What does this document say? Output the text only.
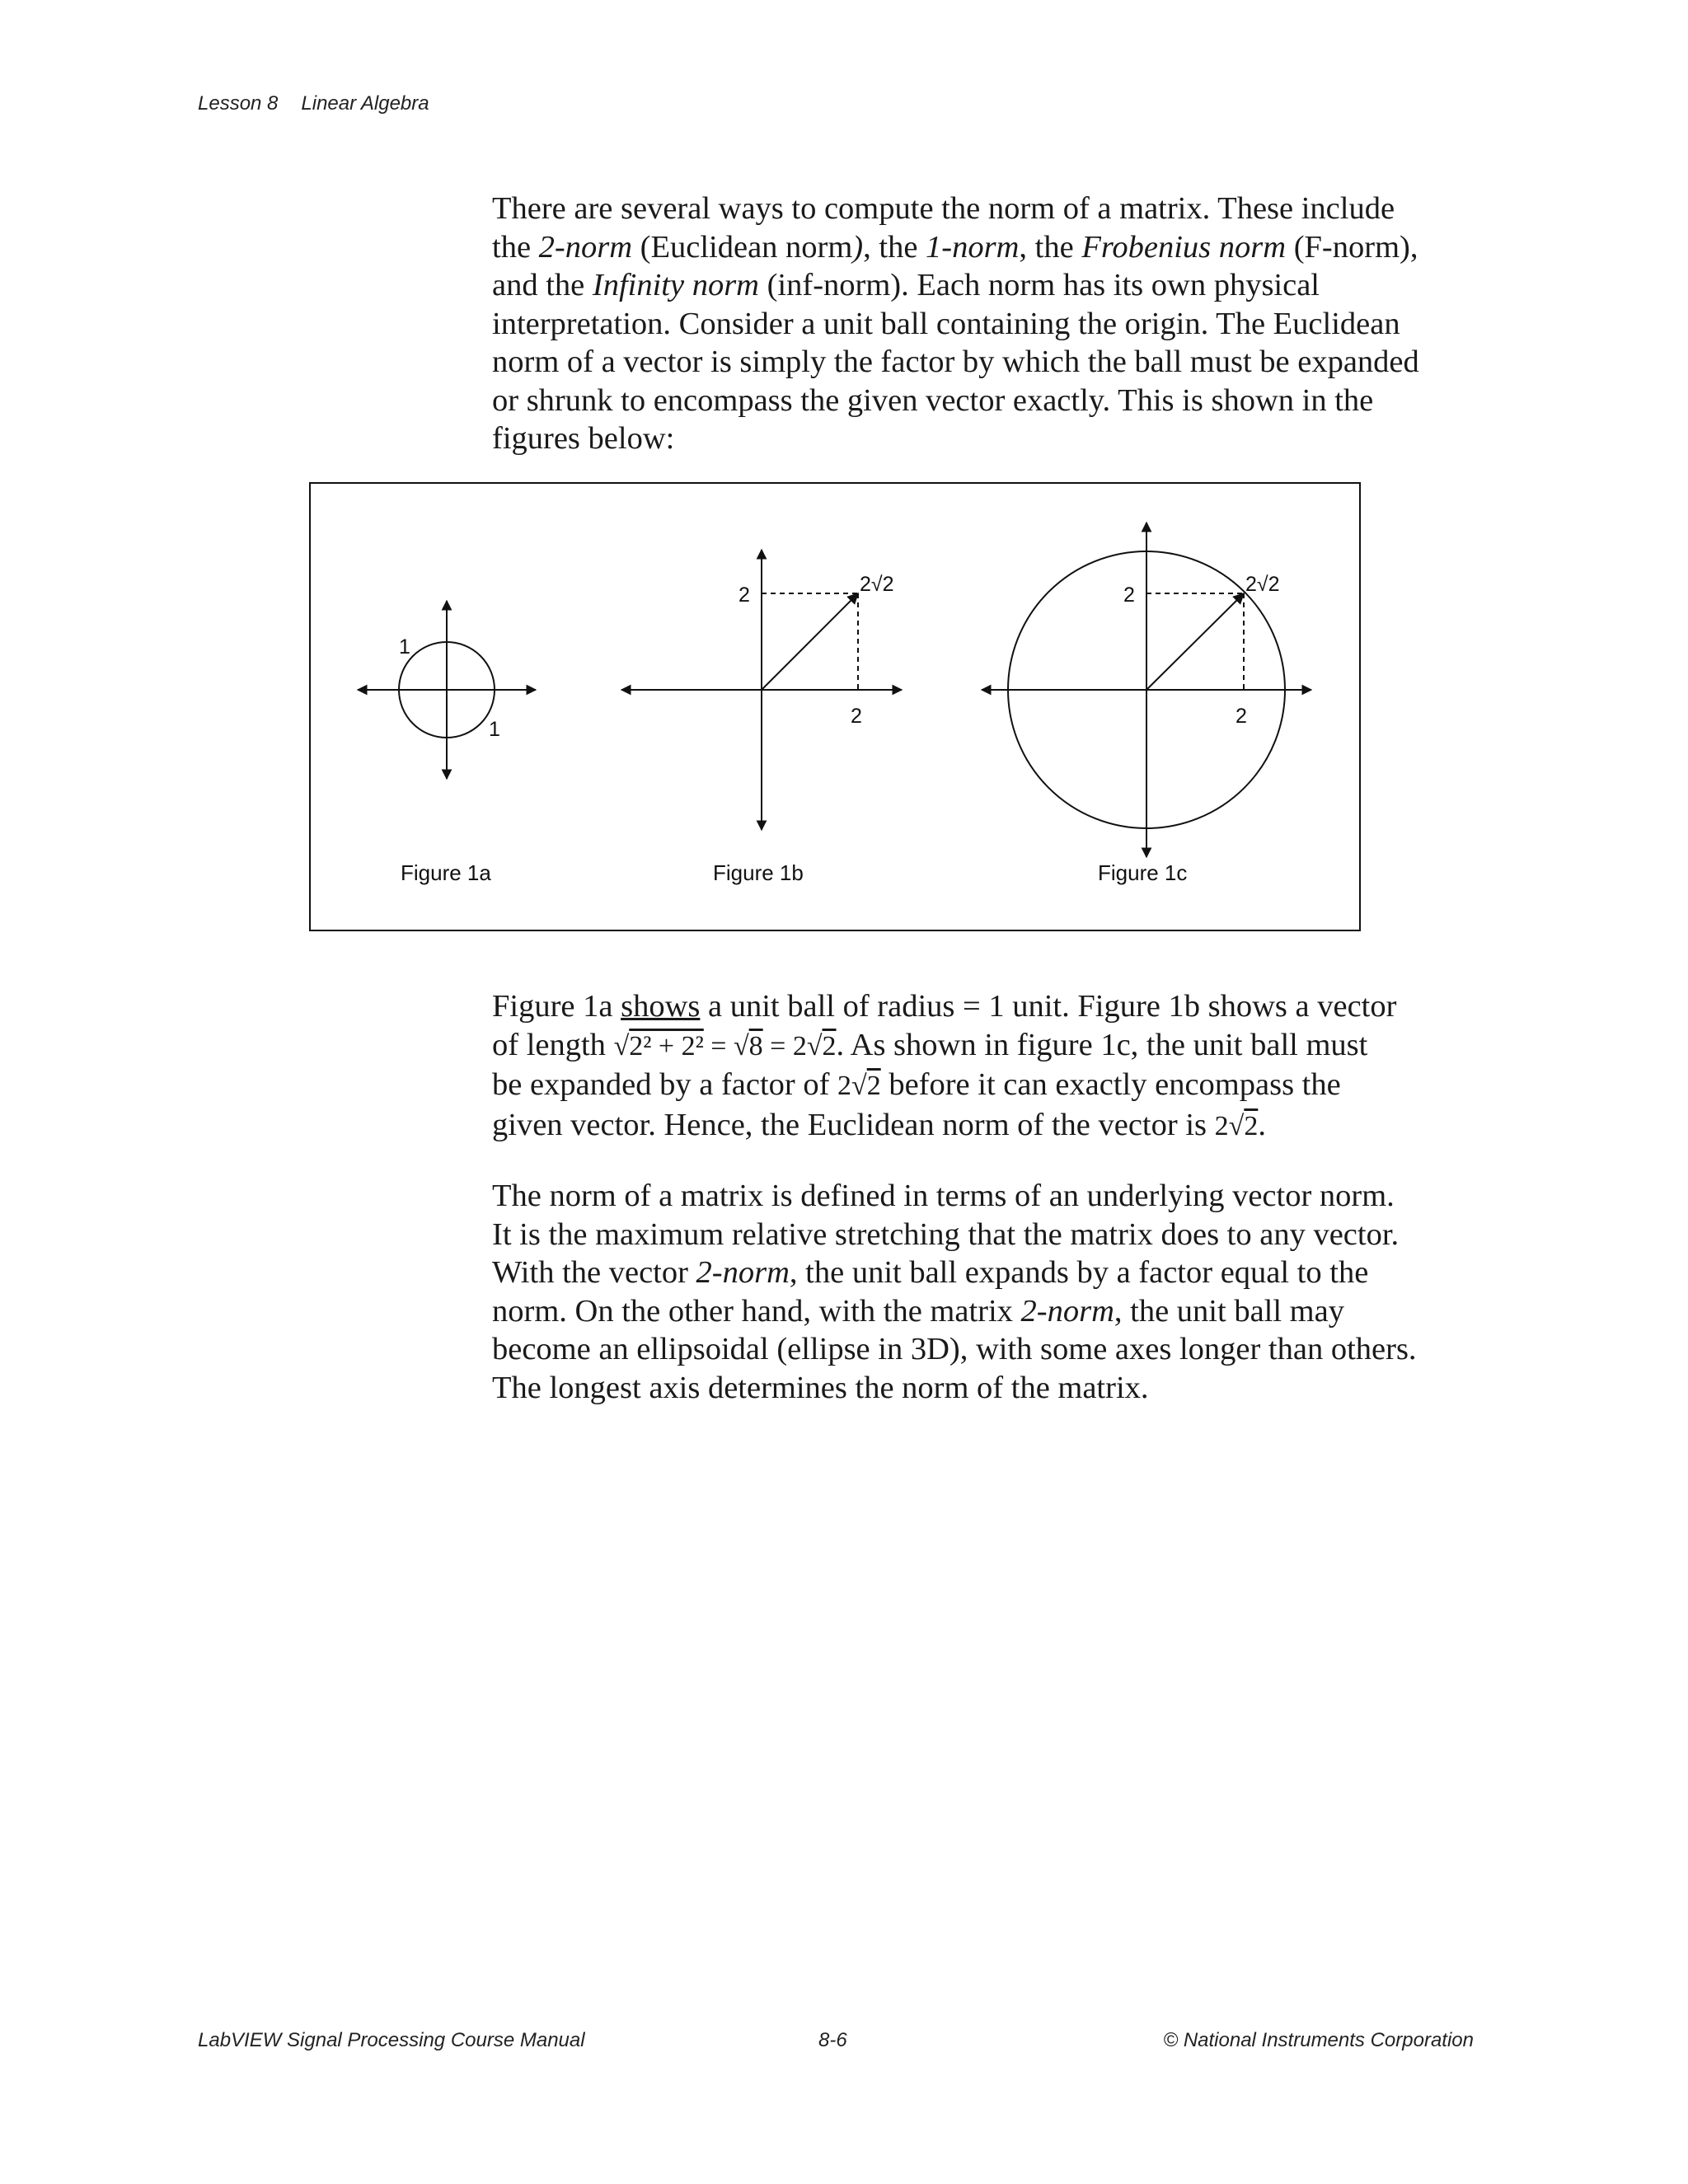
Lesson 8 Linear Algebra

There are several ways to compute the norm of a matrix. These include

the 2-norm (Euclidean norm), the 1-norm, the Frobenius norm (F-norm),

and the Infinity norm (inf-norm). Each norm has its own physical

interpretation. Consider a unit ball containing the origin. The Euclidean

norm of a vector is simply the factor by which the ball must be expanded

or shrunk to encompass the given vector exactly. This is shown in the

figures below:

1
1
Figure 1a
2
2
2√2
Figure 1b
2
2
2√2
Figure 1c

Figure 1a shows a unit ball of radius = 1 unit. Figure 1b shows a vector

of length √2² + 2² = √8 = 2√2. As shown in figure 1c, the unit ball must

be expanded by a factor of 2√2 before it can exactly encompass the

given vector. Hence, the Euclidean norm of the vector is 2√2.

The norm of a matrix is defined in terms of an underlying vector norm.

It is the maximum relative stretching that the matrix does to any vector.

With the vector 2-norm, the unit ball expands by a factor equal to the

norm. On the other hand, with the matrix 2-norm, the unit ball may

become an ellipsoidal (ellipse in 3D), with some axes longer than others.

The longest axis determines the norm of the matrix.

LabVIEW Signal Processing Course Manual	8-6	© National Instruments Corporation
